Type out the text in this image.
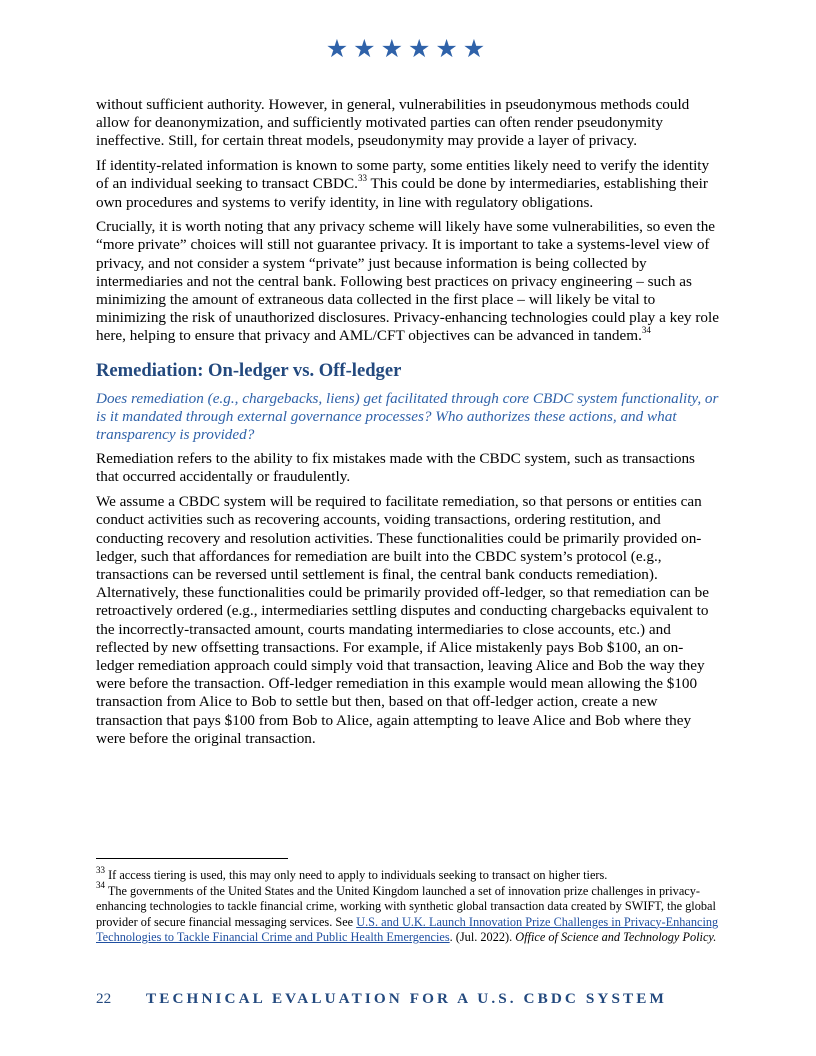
★★★★★★

without sufficient authority. However, in general, vulnerabilities in pseudonymous methods could allow for deanonymization, and sufficiently motivated parties can often render pseudonymity ineffective. Still, for certain threat models, pseudonymity may provide a layer of privacy.

If identity-related information is known to some party, some entities likely need to verify the identity of an individual seeking to transact CBDC.$^{33}$ This could be done by intermediaries, establishing their own procedures and systems to verify identity, in line with regulatory obligations.

Crucially, it is worth noting that any privacy scheme will likely have some vulnerabilities, so even the “more private” choices will still not guarantee privacy. It is important to take a systems-level view of privacy, and not consider a system “private” just because information is being collected by intermediaries and not the central bank. Following best practices on privacy engineering – such as minimizing the amount of extraneous data collected in the first place – will likely be vital to minimizing the risk of unauthorized disclosures. Privacy-enhancing technologies could play a key role here, helping to ensure that privacy and AML/CFT objectives can be advanced in tandem.$^{34}$

Remediation: On-ledger vs. Off-ledger

Does remediation (e.g., chargebacks, liens) get facilitated through core CBDC system functionality, or is it mandated through external governance processes? Who authorizes these actions, and what transparency is provided?

Remediation refers to the ability to fix mistakes made with the CBDC system, such as transactions that occurred accidentally or fraudulently.

We assume a CBDC system will be required to facilitate remediation, so that persons or entities can conduct activities such as recovering accounts, voiding transactions, ordering restitution, and conducting recovery and resolution activities. These functionalities could be primarily provided on-ledger, such that affordances for remediation are built into the CBDC system’s protocol (e.g., transactions can be reversed until settlement is final, the central bank conducts remediation). Alternatively, these functionalities could be primarily provided off-ledger, so that remediation can be retroactively ordered (e.g., intermediaries settling disputes and conducting chargebacks equivalent to the incorrectly-transacted amount, courts mandating intermediaries to close accounts, etc.) and reflected by new offsetting transactions. For example, if Alice mistakenly pays Bob $100, an on-ledger remediation approach could simply void that transaction, leaving Alice and Bob the way they were before the transaction. Off-ledger remediation in this example would mean allowing the $100 transaction from Alice to Bob to settle but then, based on that off-ledger action, create a new transaction that pays $100 from Bob to Alice, again attempting to leave Alice and Bob where they were before the original transaction.

$^{33}$ If access tiering is used, this may only need to apply to individuals seeking to transact on higher tiers.

$^{34}$ The governments of the United States and the United Kingdom launched a set of innovation prize challenges in privacy-enhancing technologies to tackle financial crime, working with synthetic global transaction data created by SWIFT, the global provider of secure financial messaging services. See U.S. and U.K. Launch Innovation Prize Challenges in Privacy-Enhancing Technologies to Tackle Financial Crime and Public Health Emergencies. (Jul. 2022). Office of Science and Technology Policy.

22 TECHNICAL EVALUATION FOR A U.S. CBDC SYSTEM
